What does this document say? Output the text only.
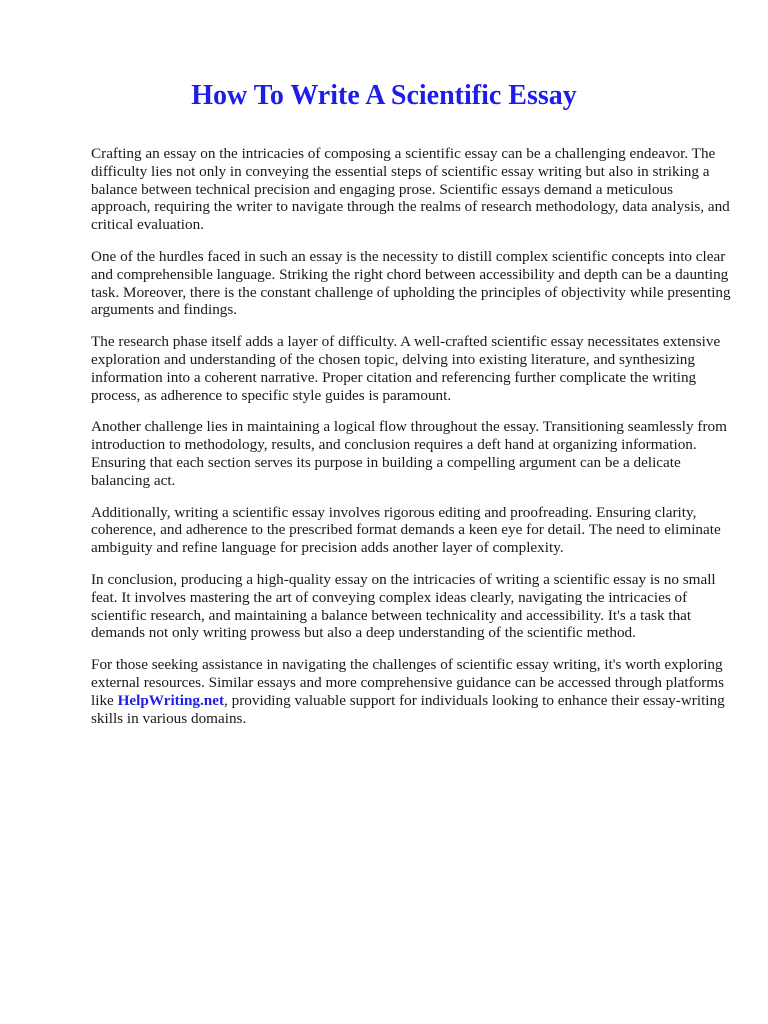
How To Write A Scientific Essay

Crafting an essay on the intricacies of composing a scientific essay can be a challenging endeavor. The difficulty lies not only in conveying the essential steps of scientific essay writing but also in striking a balance between technical precision and engaging prose. Scientific essays demand a meticulous approach, requiring the writer to navigate through the realms of research methodology, data analysis, and critical evaluation.

One of the hurdles faced in such an essay is the necessity to distill complex scientific concepts into clear and comprehensible language. Striking the right chord between accessibility and depth can be a daunting task. Moreover, there is the constant challenge of upholding the principles of objectivity while presenting arguments and findings.

The research phase itself adds a layer of difficulty. A well-crafted scientific essay necessitates extensive exploration and understanding of the chosen topic, delving into existing literature, and synthesizing information into a coherent narrative. Proper citation and referencing further complicate the writing process, as adherence to specific style guides is paramount.

Another challenge lies in maintaining a logical flow throughout the essay. Transitioning seamlessly from introduction to methodology, results, and conclusion requires a deft hand at organizing information. Ensuring that each section serves its purpose in building a compelling argument can be a delicate balancing act.

Additionally, writing a scientific essay involves rigorous editing and proofreading. Ensuring clarity, coherence, and adherence to the prescribed format demands a keen eye for detail. The need to eliminate ambiguity and refine language for precision adds another layer of complexity.

In conclusion, producing a high-quality essay on the intricacies of writing a scientific essay is no small feat. It involves mastering the art of conveying complex ideas clearly, navigating the intricacies of scientific research, and maintaining a balance between technicality and accessibility. It's a task that demands not only writing prowess but also a deep understanding of the scientific method.

For those seeking assistance in navigating the challenges of scientific essay writing, it's worth exploring external resources. Similar essays and more comprehensive guidance can be accessed through platforms like HelpWriting.net, providing valuable support for individuals looking to enhance their essay-writing skills in various domains.
